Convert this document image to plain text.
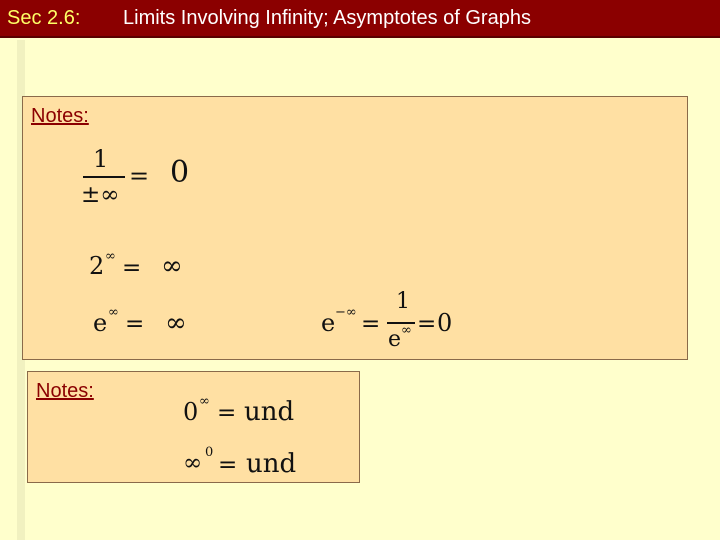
Sec 2.6: Limits Involving Infinity; Asymptotes of Graphs
Notes:
1
±∞
= 0
2 ∞ = ∞
e ∞ = ∞	e −∞ =
1
e ∞ = 0
Notes:
0 ∞ = und
∞ 0 = und
